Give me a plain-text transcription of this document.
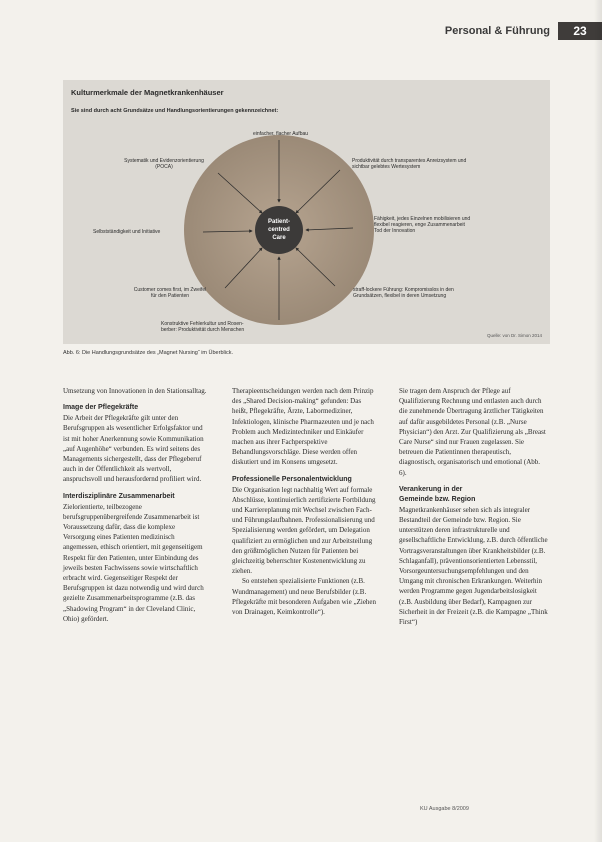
Personal & Führung	23
Kulturmerkmale der Magnetkrankenhäuser
Sie sind durch acht Grundsätze und Handlungsorientierungen gekennzeichnet:
Patient-
centred
Care
einfacher, flacher Aufbau
Systematik und Evidenzorientierung
(POCA)
Produktivität durch transparentes Anreizsystem und
sichtbar gelebtes Wertesystem
Selbstständigkeit und Initiative
Fähigkeit, jedes Einzelnen mobilisieren und
flexibel reagieren, enge Zusammenarbeit
Tod der Innovation
Customer comes first, im Zweifel
für den Patienten
straff-lockere Führung: Kompromisslos in den
Grundsätzen, flexibel in deren Umsetzung
Konstruktive Fehlerkultur und Rosen-
berber: Produktivität durch Menschen
Quelle: von Dr. Simon 2014
Abb. 6: Die Handlungsgrundsätze des „Magnet Nursing“ im Überblick.

Umsetzung von Innovationen in den Stationsalltag.

Image der Pflegekräfte

Die Arbeit der Pflegekräfte gilt unter den Berufsgruppen als wesentlicher Erfolgsfaktor und ist mit hoher Anerkennung sowie Kommunikation „auf Augenhöhe“ verbunden. Es wird seitens des Managements sichergestellt, dass der Pflegeberuf auch in der Öffentlichkeit als wertvoll, anspruchsvoll und herausfordernd profiliert wird.

Interdisziplinäre Zusammenarbeit

Zielorientierte, teilbezogene berufsgruppenübergreifende Zusammenarbeit ist Voraussetzung dafür, dass die komplexe Versorgung eines Patienten medizinisch angemessen, ethisch orientiert, mit gegenseitigem Respekt für den Patienten, unter Einbindung des jeweils besten Fachwissens sowie wirtschaftlich erbracht wird. Gegenseitiger Respekt der Berufsgruppen ist dazu notwendig und wird durch gezielte Zusammenarbeitsprogramme (z.B. das „Shadowing Program“ in der Cleveland Clinic, Ohio) gefördert.

Therapieentscheidungen werden nach dem Prinzip des „Shared Decision-making“ gefunden: Das heißt, Pflegekräfte, Ärzte, Labormediziner, Infektiologen, klinische Pharmazeuten und je nach Problem auch Medizintechniker und Einkäufer machen aus ihrer Fachperspektive Behandlungsvorschläge. Diese werden offen diskutiert und im Konsens umgesetzt.

Professionelle Personalentwicklung

Die Organisation legt nachhaltig Wert auf formale Abschlüsse, kontinuierlich zertifizierte Fortbildung und Karriereplanung mit Wechsel zwischen Fach- und Führungslaufbahnen. Professionalisierung und Spezialisierung werden gefördert, um Delegation qualifiziert zu ermöglichen und zur Arbeitsteilung den größtmöglichen Nutzen für Patienten bei gleichzeitig beherrschter Kostenentwicklung zu ziehen.

So entstehen spezialisierte Funktionen (z.B. Wundmanagement) und neue Berufsbilder (z.B. Pflegekräfte mit besonderen Aufgaben wie „Ziehen von Drainagen, Keimkontrolle“).

Sie tragen dem Anspruch der Pflege auf Qualifizierung Rechnung und entlasten auch durch die zunehmende Übertragung ärztlicher Tätigkeiten auf dafür ausgebildetes Personal (z.B. „Nurse Physician“) den Arzt. Zur Qualifizierung als „Breast Care Nurse“ sind nur Frauen zugelassen. Sie betreuen die Patientinnen therapeutisch, diagnostisch, organisatorisch und emotional (Abb. 6).

Verankerung in der
Gemeinde bzw. Region

Magnetkrankenhäuser sehen sich als integraler Bestandteil der Gemeinde bzw. Region. Sie unterstützen deren infrastrukturelle und gesellschaftliche Entwicklung, z.B. durch öffentliche Vortragsveranstaltungen über Krankheitsbilder (z.B. Schlaganfall), präventionsorientierten Lebensstil, Vorsorgeuntersuchungsempfehlungen und den Umgang mit chronischen Erkrankungen. Weiterhin werden Programme gegen Jugendarbeitslosigkeit (z.B. Ausbildung über Bedarf), Kampagnen zur Sicherheit in der Freizeit (z.B. die Kampagne „Think First“)

KU Ausgabe 8/2009
